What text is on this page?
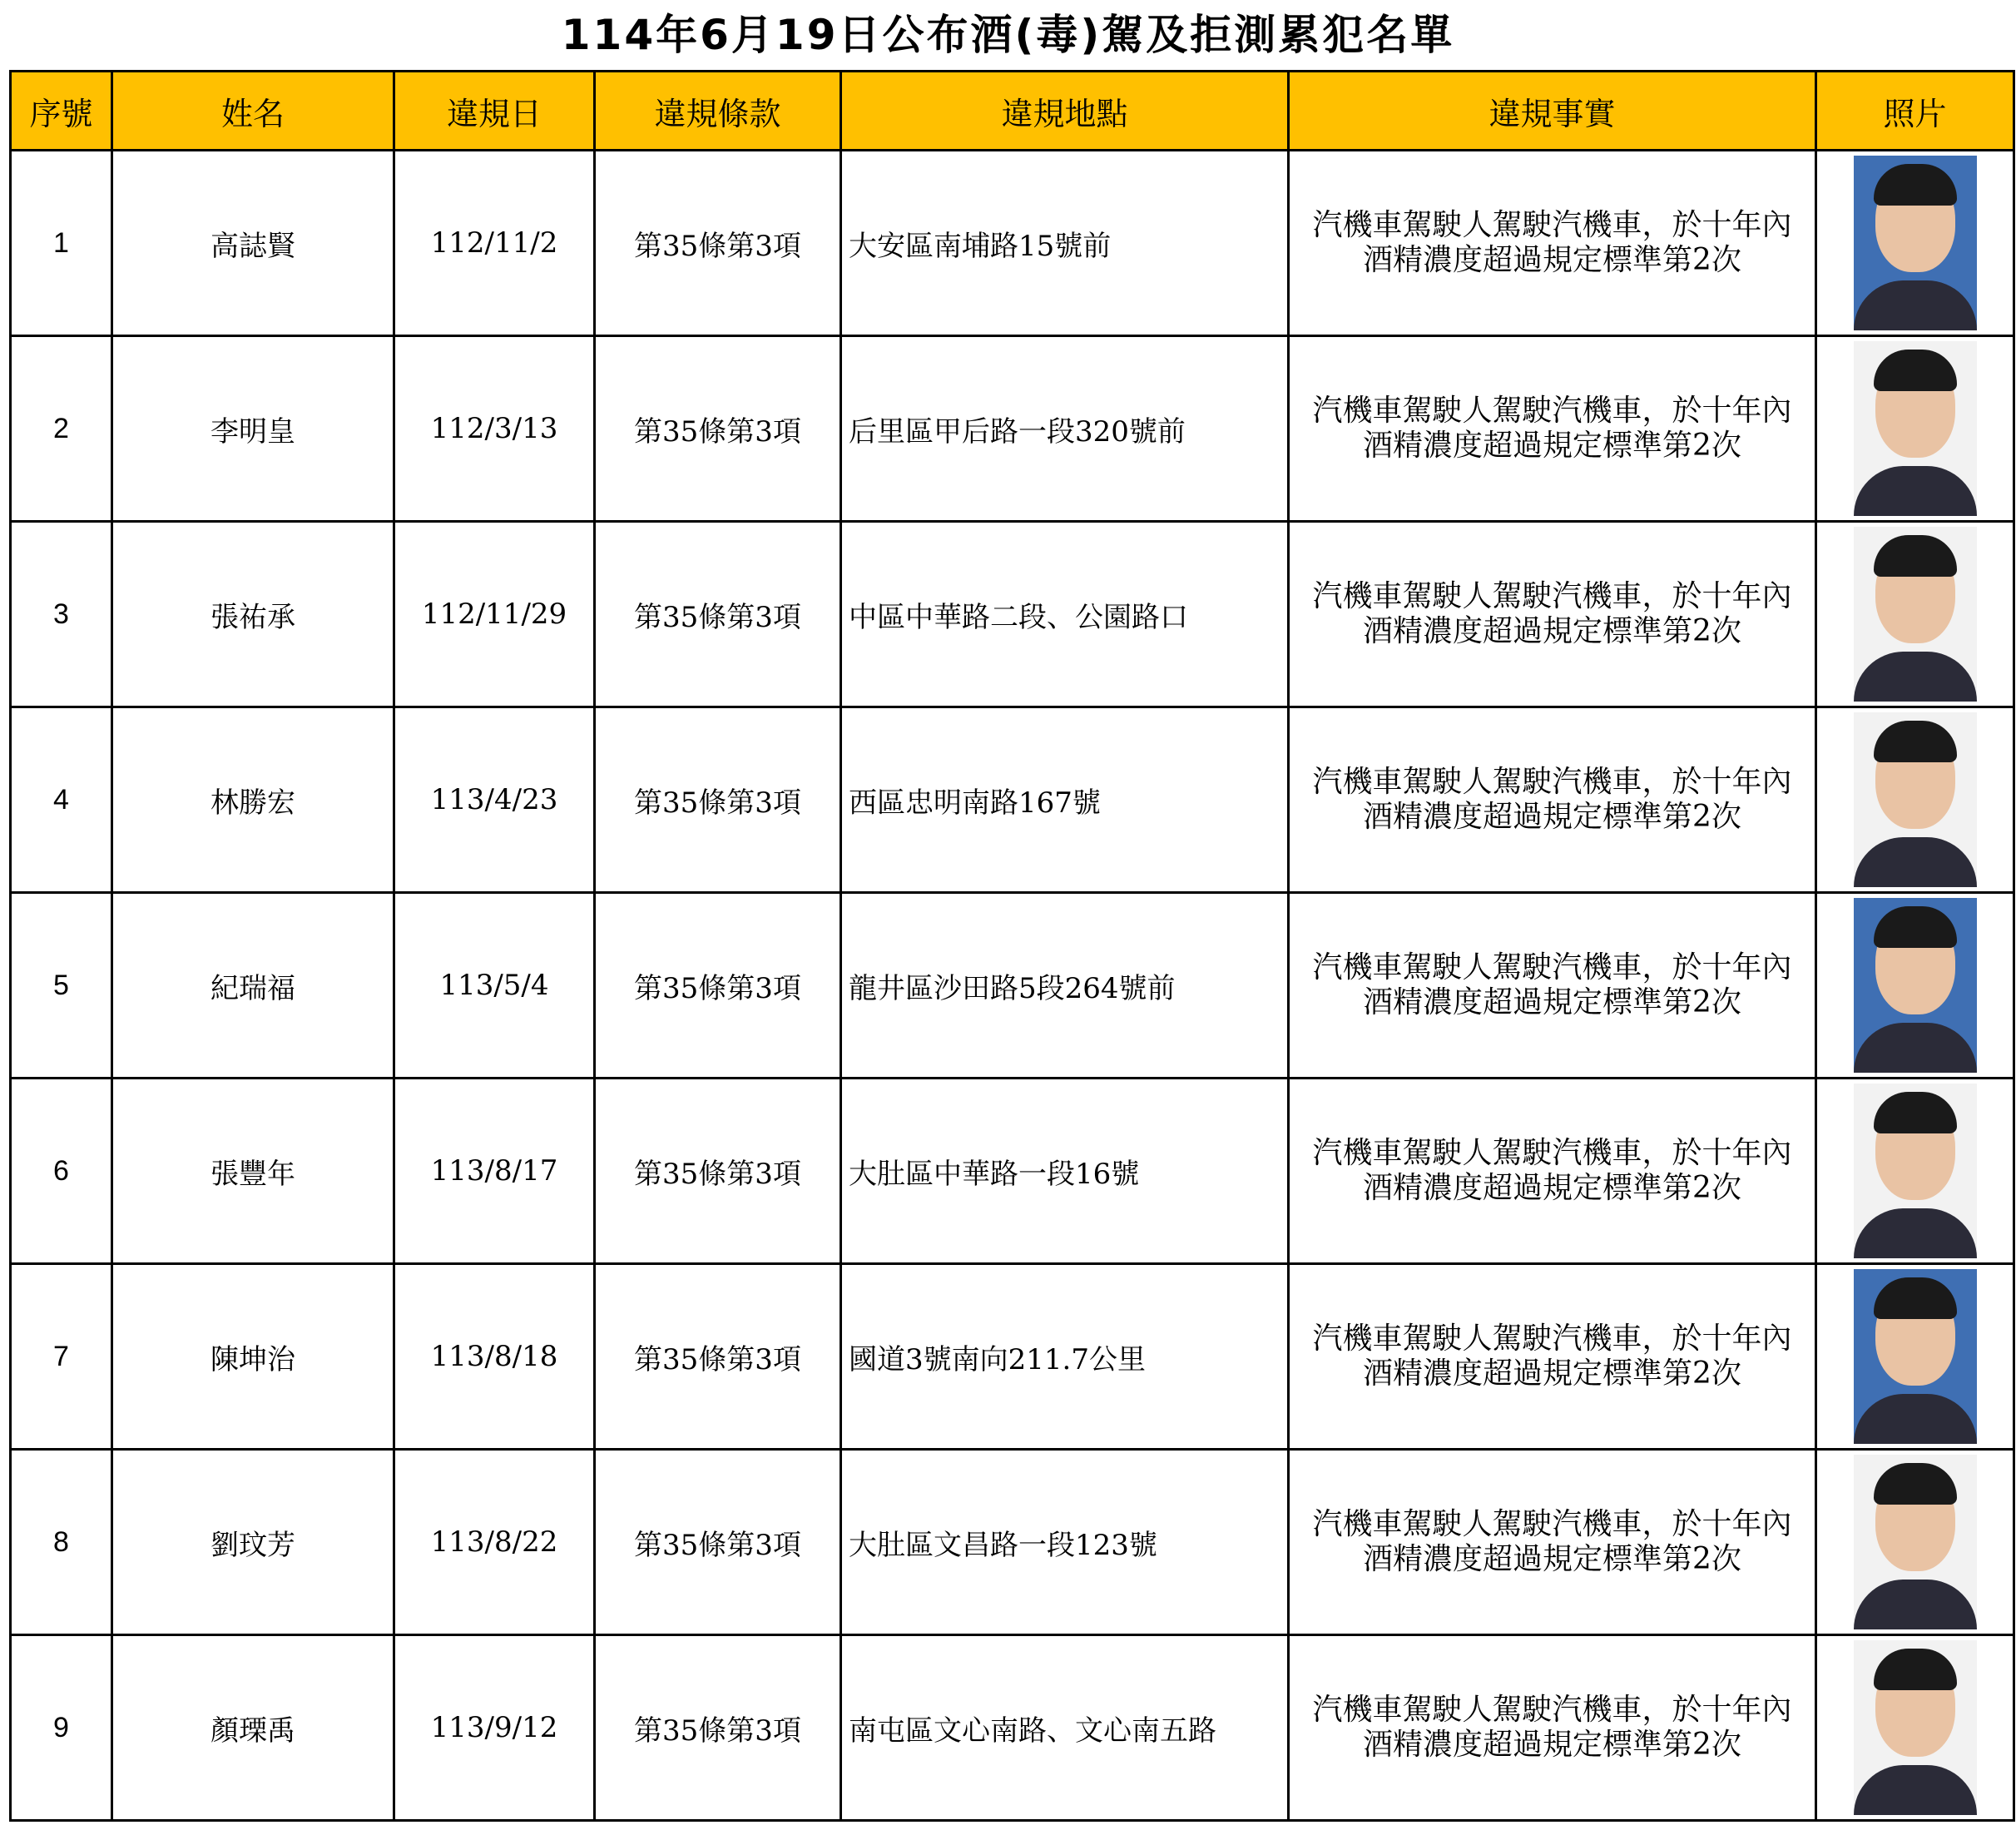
114年6月19日公布酒(毒)駕及拒測累犯名單
序號	姓名	違規日	違規條款	違規地點	違規事實	照片
1	高誌賢	112/11/2	第35條第3項	大安區南埔路15號前	汽機車駕駛人駕駛汽機車，於十年內
酒精濃度超過規定標準第2次	

2	李明皇	112/3/13	第35條第3項	后里區甲后路一段320號前	汽機車駕駛人駕駛汽機車，於十年內
酒精濃度超過規定標準第2次	

3	張祐承	112/11/29	第35條第3項	中區中華路二段、公園路口	汽機車駕駛人駕駛汽機車，於十年內
酒精濃度超過規定標準第2次	

4	林勝宏	113/4/23	第35條第3項	西區忠明南路167號	汽機車駕駛人駕駛汽機車，於十年內
酒精濃度超過規定標準第2次	

5	紀瑞福	113/5/4	第35條第3項	龍井區沙田路5段264號前	汽機車駕駛人駕駛汽機車，於十年內
酒精濃度超過規定標準第2次	

6	張豐年	113/8/17	第35條第3項	大肚區中華路一段16號	汽機車駕駛人駕駛汽機車，於十年內
酒精濃度超過規定標準第2次	

7	陳坤治	113/8/18	第35條第3項	國道3號南向211.7公里	汽機車駕駛人駕駛汽機車，於十年內
酒精濃度超過規定標準第2次	

8	劉玟芳	113/8/22	第35條第3項	大肚區文昌路一段123號	汽機車駕駛人駕駛汽機車，於十年內
酒精濃度超過規定標準第2次	

9	顏瑮禹	113/9/12	第35條第3項	南屯區文心南路、文心南五路	汽機車駕駛人駕駛汽機車，於十年內
酒精濃度超過規定標準第2次	
